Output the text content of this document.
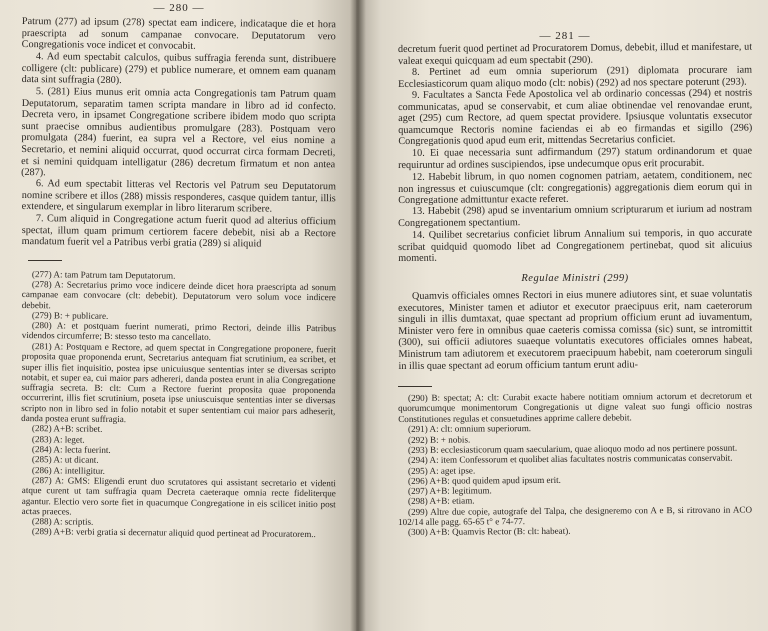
— 280 —

Patrum (277) ad ipsum (278) spectat eam indicere, indicataque die et hora praescripta ad sonum campanae convocare. Deputatorum vero Congregationis voce indicet et convocabit.

4. Ad eum spectabit calculos, quibus suffragia ferenda sunt, distribuere colligere (clt: publicare) (279) et publice numerare, et omnem eam quanam data sint suffragia (280).

5. (281) Eius munus erit omnia acta Congregationis tam Patrum quam Deputatorum, separatim tamen scripta mandare in libro ad id confecto. Decreta vero, in ipsamet Congregatione scribere ibidem modo quo scripta sunt praecise omnibus audientibus promulgare (283). Postquam vero promulgata (284) fuerint, ea supra vel a Rectore, vel eius nomine a Secretario, et nemini aliquid occurrat, quod occurrat circa formam Decreti, et si nemini quidquam intelligatur (286) decretum firmatum et non antea (287).

6. Ad eum spectabit litteras vel Rectoris vel Patrum seu Deputatorum nomine scribere et illos (288) missis responderes, casque quidem tantur, illis extendere, et singularum exemplar in libro literarum scribere.

7. Cum aliquid in Congregatione actum fuerit quod ad alterius officium spectat, illum quam primum certiorem facere debebit, nisi ab a Rectore mandatum fuerit vel a Patribus verbi gratia (289) si aliquid

(277) A: tam Patrum tam Deputatorum.

(278) A: Secretarius primo voce indicere deinde dicet hora praescripta ad sonum campanae eam convocare (clt: debebit). Deputatorum vero solum voce indicere debebit.

(279) B: + publicare.

(280) A: et postquam fuerint numerati, primo Rectori, deinde illis Patribus videndos circumferre; B: stesso testo ma cancellato.

(281) A: Postquam e Rectore, ad quem spectat in Congregatione proponere, fuerit proposita quae proponenda erunt, Secretarius antequam fiat scrutinium, ea scribet, et super illis fiet inquisitio, postea ipse unicuiusque sententias inter se diversas scripto notabit, et super ea, cui maior pars adhereri, danda postea erunt in alia Congregatione suffragia secreta. B: clt: Cum a Rectore fuerint proposita quae proponenda occurrerint, illis fiet scrutinium, poseta ipse uniuscuisque sententias inter se diversas scripto non in libro sed in folio notabit et super sententiam cui maior pars adheserit, danda postea erunt suffragia.

(282) A+B: scribet.

(283) A: leget.

(284) A: lecta fuerint.

(285) A: ut dicant.

(286) A: intelligitur.

(287) A: GMS: Eligendi erunt duo scrutatores qui assistant secretario et videnti atque curent ut tam suffragia quam Decreta caeteraque omnia recte fideliterque agantur. Electio vero sorte fiet in quacumque Congregatione in eis scilicet initio post actas praeces.

(288) A: scriptis.

(289) A+B: verbi gratia si decernatur aliquid quod pertineat ad Procuratorem..

— 281 —

decretum fuerit quod pertinet ad Procuratorem Domus, debebit, illud et manifestare, ut valeat exequi quicquam ad eum spectabit (290).

8. Pertinet ad eum omnia superiorum (291) diplomata procurare iam Ecclesiasticorum quam aliquo modo (clt: nobis) (292) ad nos spectare poterunt (293).

9. Facultates a Sancta Fede Apostolica vel ab ordinario concessas (294) et nostris communicatas, apud se conservabit, et cum aliae obtinendae vel renovandae erunt, aget (295) cum Rectore, ad quem spectat providere. Ipsiusque voluntatis exsecutor quamcumque Rectoris nomine faciendas ei ab eo firmandas et sigillo (296) Congregationis quod apud eum erit, mittendas Secretarius conficiet.

10. Ei quae necessaria sunt adfirmandum (297) statum ordinandorum et quae requiruntur ad ordines suscipiendos, ipse undecumque opus erit procurabit.

12. Habebit librum, in quo nomen cognomen patriam, aetatem, conditionem, nec non ingressus et cuiuscumque (clt: congregationis) aggregationis diem eorum qui in Congregatione admittuntur exacte referet.

13. Habebit (298) apud se inventarium omnium scripturarum et iurium ad nostram Congregationem spectantium.

14. Quilibet secretarius conficiet librum Annalium sui temporis, in quo accurate scribat quidquid quomodo libet ad Congregationem pertinebat, quod sit alicuius momenti.

Regulae Ministri (299)

Quamvis officiales omnes Rectori in eius munere adiutores sint, et suae voluntatis executores, Minister tamen et adiutor et executor praecipuus erit, nam caeterorum singuli in illis dumtaxat, quae spectant ad proprium officium erunt ad iuvamentum, Minister vero fere in omnibus quae caeteris comissa comissa (sic) sunt, se intromittit (300), sui officii adiutores suaeque voluntatis executores officiales omnes habeat, Ministrum tam adiutorem et executorem praecipuum habebit, nam coeterorum singuli in illis quae spectant ad eorum officium tantum erunt adiu-

(290) B: spectat; A: clt: Curabit exacte habere notitiam omnium actorum et decretorum et quorumcumque monimentorum Congregationis ut digne valeat suo fungi officio nostras Constitutiones regulas et consuetudines apprime callere debebit.

(291) A: clt: omnium superiorum.

(292) B: + nobis.

(293) B: ecclesiasticorum quam saecularium, quae alioquo modo ad nos pertinere possunt.

(294) A: item Confessorum et quolibet alias facultates nostris communicatas conservabit.

(295) A: aget ipse.

(296) A+B: quod quidem apud ipsum erit.

(297) A+B: legitimum.

(298) A+B: etiam.

(299) Altre due copie, autografe del Talpa, che designeremo con A e B, si ritrovano in ACO 102/14 alle pagg. 65-65 t° e 74-77.

(300) A+B: Quamvis Rector (B: clt: habeat).
